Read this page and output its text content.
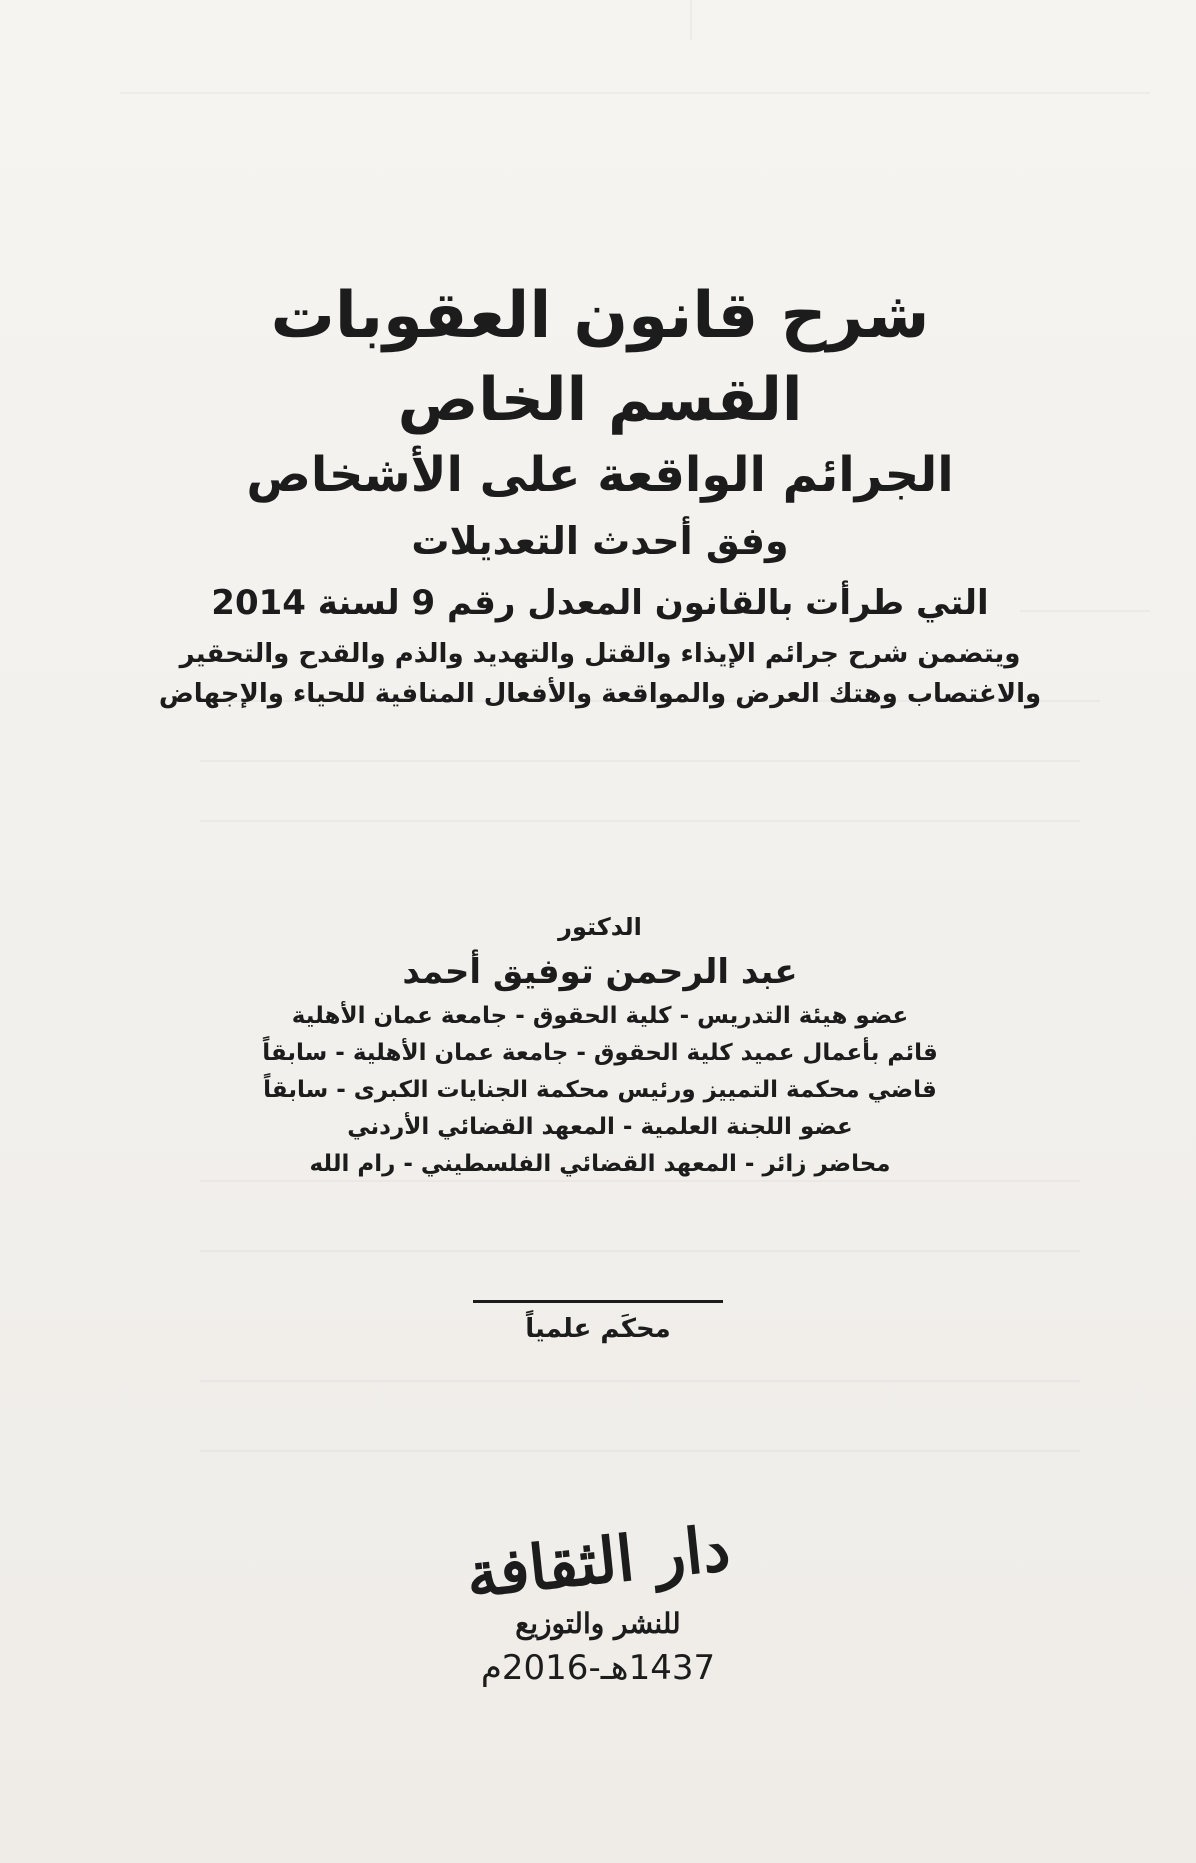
شرح قانون العقوبات
القسم الخاص
الجرائم الواقعة على الأشخاص
وفق أحدث التعديلات
التي طرأت بالقانون المعدل رقم 9 لسنة 2014
ويتضمن شرح جرائم الإيذاء والقتل والتهديد والذم والقدح والتحقير
والاغتصاب وهتك العرض والمواقعة والأفعال المنافية للحياء والإجهاض
الدكتور
عبد الرحمن توفيق أحمد
عضو هيئة التدريس - كلية الحقوق - جامعة عمان الأهلية
قائم بأعمال عميد كلية الحقوق - جامعة عمان الأهلية - سابقاً
قاضي محكمة التمييز ورئيس محكمة الجنايات الكبرى - سابقاً
عضو اللجنة العلمية - المعهد القضائي الأردني
محاضر زائر - المعهد القضائي الفلسطيني - رام الله
محكَم علمياً
دار الثقافة
للنشر والتوزيع
1437هـ-2016م
